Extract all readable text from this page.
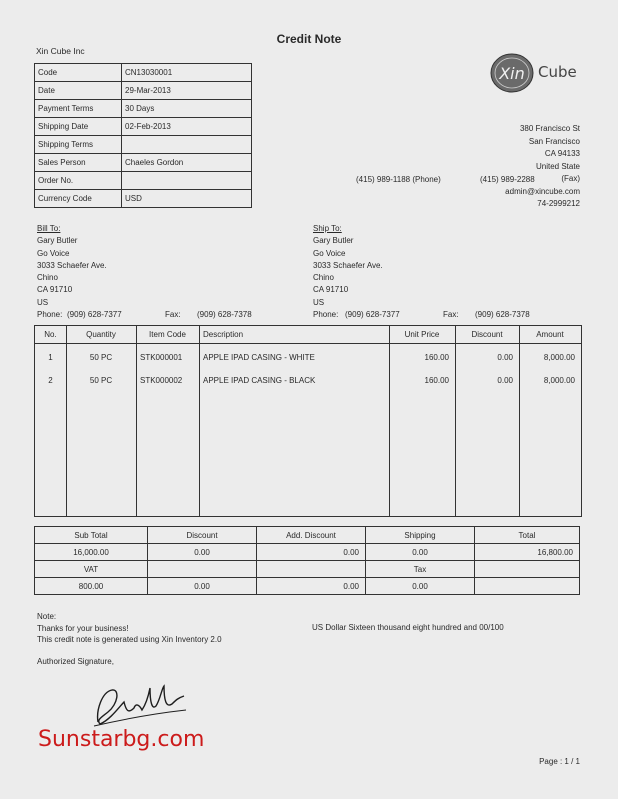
Credit Note
Xin Cube Inc
Code	CN13030001
Date	29-Mar-2013
Payment Terms	30 Days
Shipping Date	02-Feb-2013
Shipping Terms	
Sales Person	Chaeles Gordon
Order No.	
Currency Code	USD
Xin Cube
380 Francisco St
San Francisco
CA 94133
United State
(Fax)
admin@xincube.com
74-2999212
(415) 989-1188 (Phone)	(415) 989-2288
Bill To:
Gary Butler
Go Voice
3033 Schaefer Ave.
Chino
CA 91710
US
Phone: (909) 628-7377	Fax: (909) 628-7378
Ship To:
Gary Butler
Go Voice
3033 Schaefer Ave.
Chino
CA 91710
US
Phone: (909) 628-7377	Fax: (909) 628-7378
No.	Quantity	Item Code	Description	Unit Price	Discount	Amount
1	50 PC	STK000001	APPLE IPAD CASING - WHITE	160.00	0.00	8,000.00
2	50 PC	STK000002	APPLE IPAD CASING - BLACK	160.00	0.00	8,000.00
Sub Total	Discount	Add. Discount	Shipping	Total
16,000.00	0.00	0.00	0.00	16,800.00
VAT			Tax	
800.00	0.00	0.00	0.00	
Note:
Thanks for your business!
This credit note is generated using Xin Inventory 2.0
Authorized Signature,
US Dollar Sixteen thousand eight hundred and 00/100
Sunstarbg.com
Page : 1 / 1
